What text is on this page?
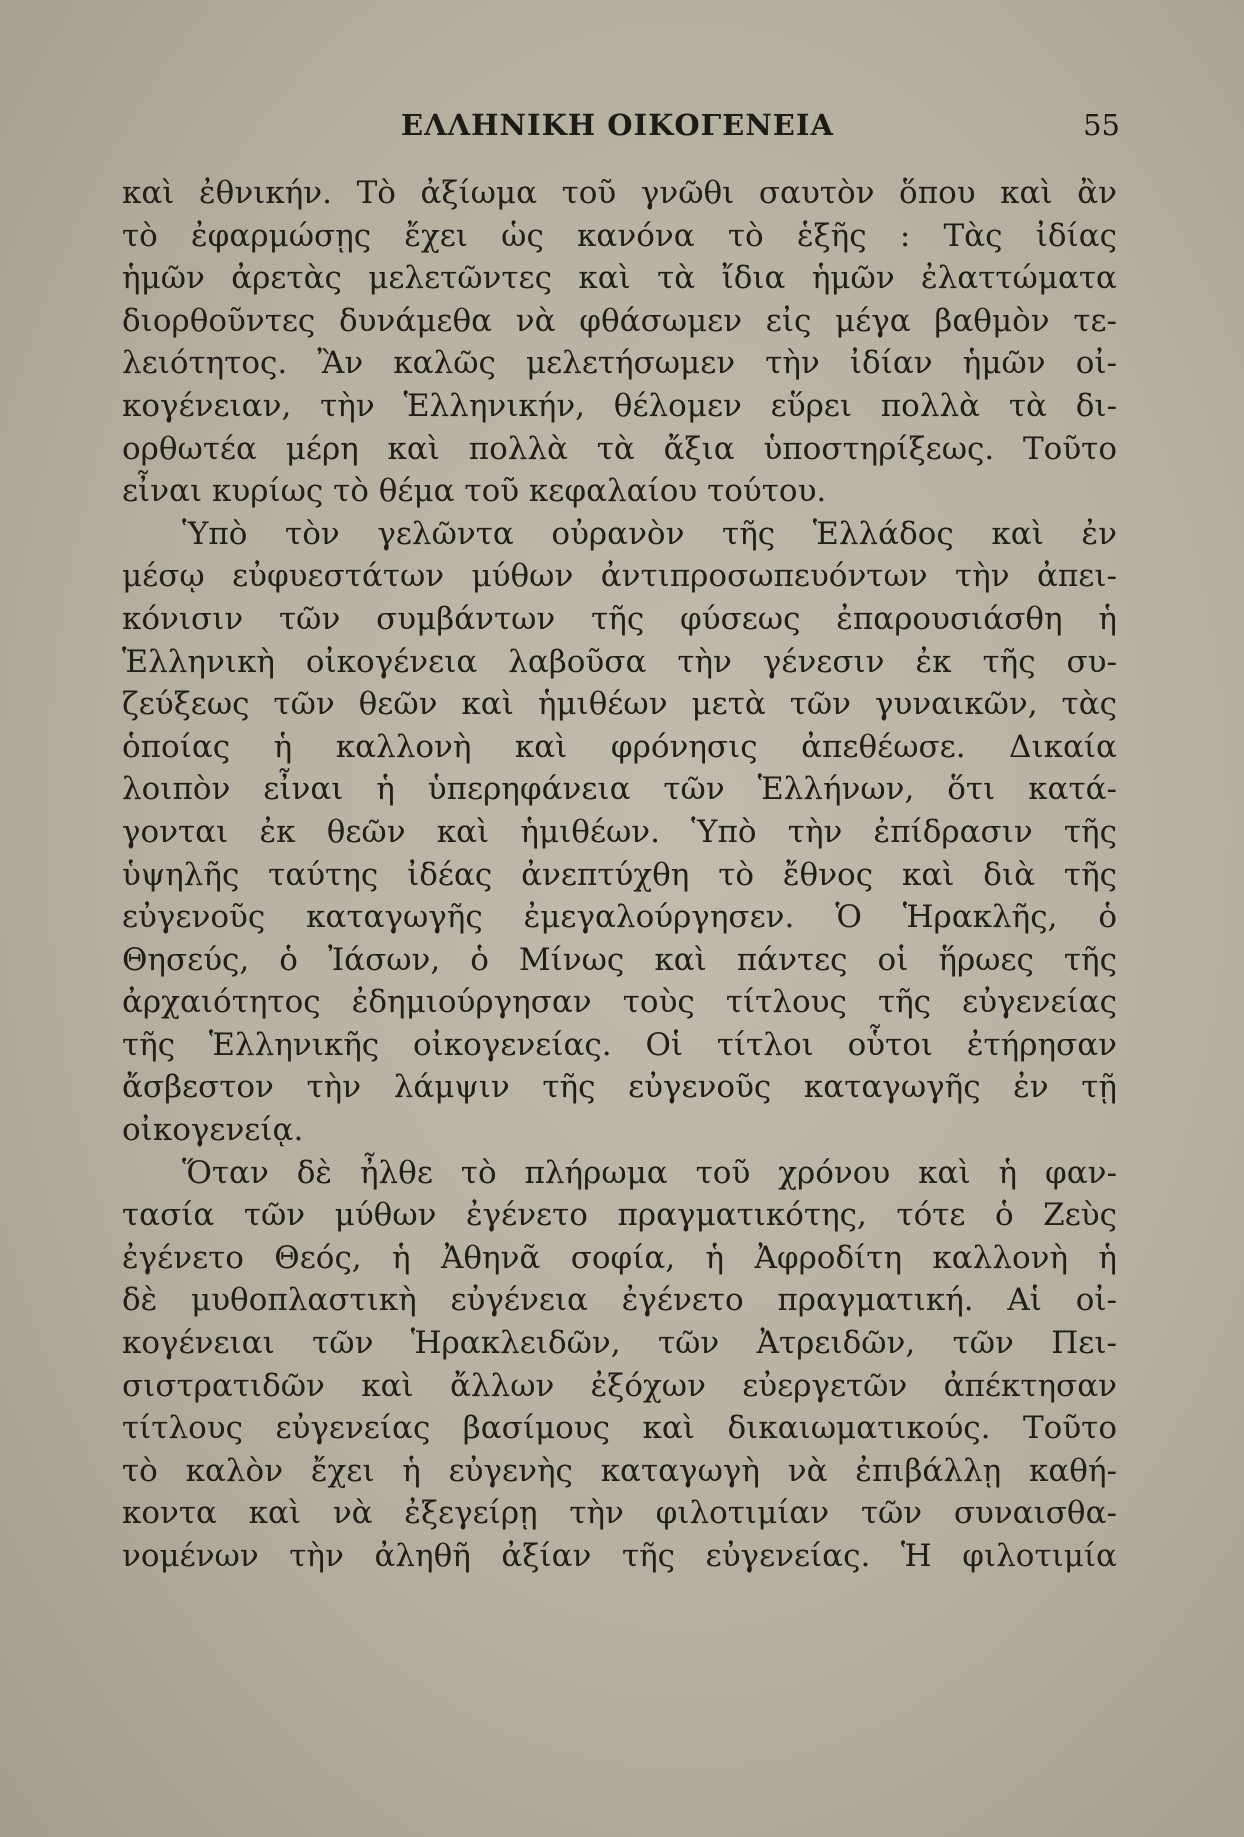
ΕΛΛΗΝΙΚΗ ΟΙΚΟΓΕΝΕΙΑ	55
καὶ ἐθνικήν. Τὸ ἀξίωμα τοῦ γνῶθι σαυτὸν ὅπου καὶ ἂν
τὸ ἐφαρμώσῃς ἔχει ὡς κανόνα τὸ ἑξῆς : Τὰς ἰδίας
ἡμῶν ἀρετὰς μελετῶντες καὶ τὰ ἴδια ἡμῶν ἐλαττώματα
διορθοῦντες δυνάμεθα νὰ φθάσωμεν εἰς μέγα βαθμὸν τε-
λειότητος. Ἂν καλῶς μελετήσωμεν τὴν ἰδίαν ἡμῶν οἰ-
κογένειαν, τὴν Ἑλληνικήν, θέλομεν εὕρει πολλὰ τὰ δι-
ορθωτέα μέρη καὶ πολλὰ τὰ ἄξια ὑποστηρίξεως. Τοῦτο
εἶναι κυρίως τὸ θέμα τοῦ κεφαλαίου τούτου.
Ὑπὸ τὸν γελῶντα οὐρανὸν τῆς Ἑλλάδος καὶ ἐν
μέσῳ εὐφυεστάτων μύθων ἀντιπροσωπευόντων τὴν ἀπει-
κόνισιν τῶν συμβάντων τῆς φύσεως ἐπαρουσιάσθη ἡ
Ἑλληνικὴ οἰκογένεια λαβοῦσα τὴν γένεσιν ἐκ τῆς συ-
ζεύξεως τῶν θεῶν καὶ ἡμιθέων μετὰ τῶν γυναικῶν, τὰς
ὁποίας ἡ καλλονὴ καὶ φρόνησις ἀπεθέωσε. Δικαία
λοιπὸν εἶναι ἡ ὑπερηφάνεια τῶν Ἑλλήνων, ὅτι κατά-
γονται ἐκ θεῶν καὶ ἡμιθέων. Ὑπὸ τὴν ἐπίδρασιν τῆς
ὑψηλῆς ταύτης ἰδέας ἀνεπτύχθη τὸ ἔθνος καὶ διὰ τῆς
εὐγενοῦς καταγωγῆς ἐμεγαλούργησεν. Ὁ Ἡρακλῆς, ὁ
Θησεύς, ὁ Ἰάσων, ὁ Μίνως καὶ πάντες οἱ ἥρωες τῆς
ἀρχαιότητος ἐδημιούργησαν τοὺς τίτλους τῆς εὐγενείας
τῆς Ἑλληνικῆς οἰκογενείας. Οἱ τίτλοι οὗτοι ἐτήρησαν
ἄσβεστον τὴν λάμψιν τῆς εὐγενοῦς καταγωγῆς ἐν τῇ
οἰκογενείᾳ.
Ὅταν δὲ ἦλθε τὸ πλήρωμα τοῦ χρόνου καὶ ἡ φαν-
τασία τῶν μύθων ἐγένετο πραγματικότης, τότε ὁ Ζεὺς
ἐγένετο Θεός, ἡ Ἀθηνᾶ σοφία, ἡ Ἀφροδίτη καλλονὴ ἡ
δὲ μυθοπλαστικὴ εὐγένεια ἐγένετο πραγματική. Αἱ οἰ-
κογένειαι τῶν Ἡρακλειδῶν, τῶν Ἀτρειδῶν, τῶν Πει-
σιστρατιδῶν καὶ ἄλλων ἐξόχων εὐεργετῶν ἀπέκτησαν
τίτλους εὐγενείας βασίμους καὶ δικαιωματικούς. Τοῦτο
τὸ καλὸν ἔχει ἡ εὐγενὴς καταγωγὴ νὰ ἐπιβάλλῃ καθή-
κοντα καὶ νὰ ἐξεγείρῃ τὴν φιλοτιμίαν τῶν συναισθα-
νομένων τὴν ἀληθῆ ἀξίαν τῆς εὐγενείας. Ἡ φιλοτιμία
